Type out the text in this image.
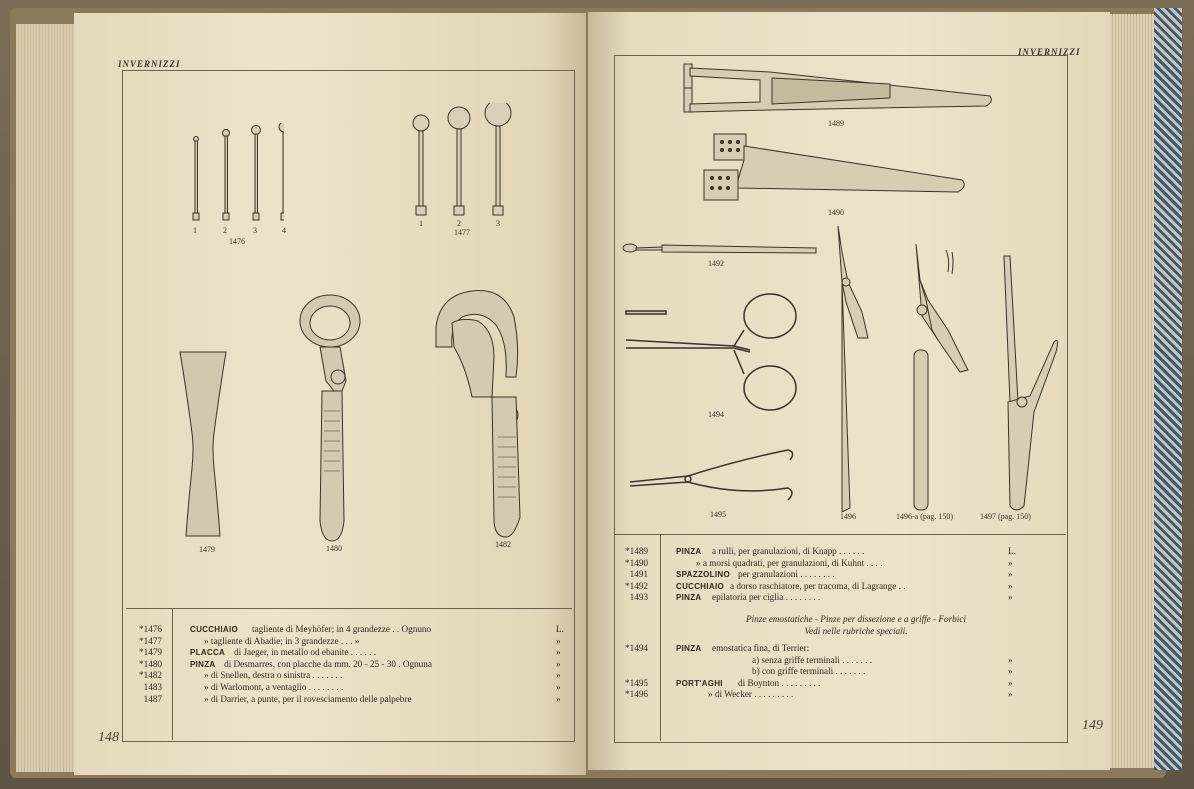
INVERNIZZI
1	2	3	4
1476
1	2	3
1477
1479	1480	1482
*1476	CUCCHIAIO tagliente di Meyhöfer; in 4 grandezze . . Ognuno	L.
*1477	» tagliente di Abadie; in 3 grandezze . . . »	»
*1479	PLACCA di Jaeger, in metallo od ebanite . . . . . .	»
*1480	PINZA di Desmarres, con placche da mm. 20 - 25 - 30 . Ognuna	»
*1482	» di Snellen, destra o sinistra . . . . . . .	»
1483	» di Warlomont, a ventaglio . . . . . . . .	»
1487	» di Darrier, a punte, per il rovesciamento delle palpebre	»
148
INVERNIZZI
1489
1490
1492
1494
1495	1496	1496-a (pag. 150)	1497 (pag. 150)
*1489	PINZA a rulli, per granulazioni, di Knapp . . . . . .	L.
*1490	» a morsi quadrati, per granulazioni, di Kuhnt . . . .	»
1491	SPAZZOLINO per granulazioni . . . . . . . .	»
*1492	CUCCHIAIO a dorso raschiatore, per tracoma, di Lagrange . .	»
1493	PINZA epilatoria per ciglia . . . . . . . .	»
Pinze emostatiche - Pinze per dissezione e a griffe - Forbici
Vedi nelle rubriche speciali.
*1494	PINZA emostatica fina, di Terrier:
a) senza griffe terminali . . . . . . .	»
b) con griffe terminali . . . . . . .	»
*1495	PORT'AGHI di Boynton . . . . . . . . .	»
*1496	» di Wecker . . . . . . . . .	»
149
